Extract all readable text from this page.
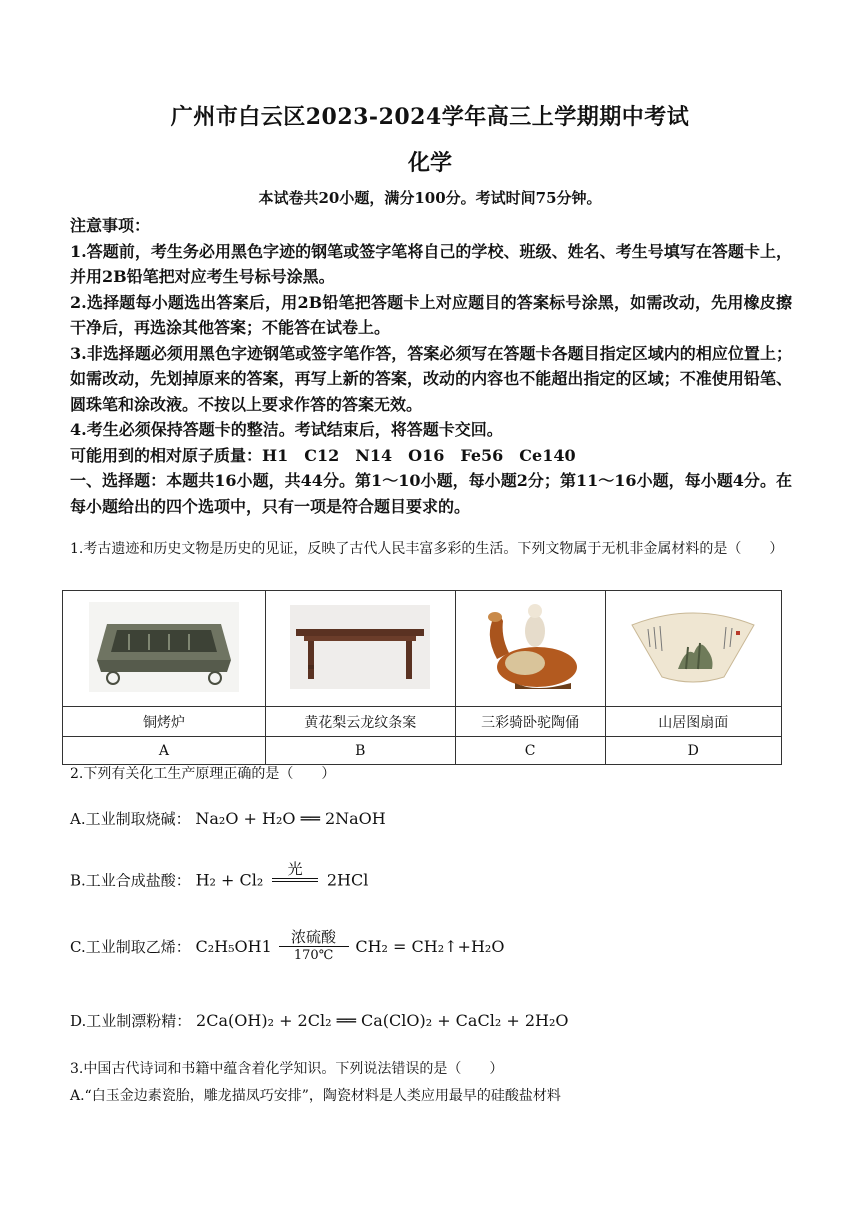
广州市白云区2023-2024学年高三上学期期中考试
化学
本试卷共20小题，满分100分。考试时间75分钟。

注意事项：

1.答题前，考生务必用黑色字迹的钢笔或签字笔将自己的学校、班级、姓名、考生号填写在答题卡上，并用2B铅笔把对应考生号标号涂黑。

2.选择题每小题选出答案后，用2B铅笔把答题卡上对应题目的答案标号涂黑，如需改动，先用橡皮擦干净后，再选涂其他答案；不能答在试卷上。

3.非选择题必须用黑色字迹钢笔或签字笔作答，答案必须写在答题卡各题目指定区域内的相应位置上；如需改动，先划掉原来的答案，再写上新的答案，改动的内容也不能超出指定的区域；不准使用铅笔、圆珠笔和涂改液。不按以上要求作答的答案无效。

4.考生必须保持答题卡的整洁。考试结束后，将答题卡交回。

可能用到的相对原子质量：H1　C12　N14　O16　Fe56　Ce140

一、选择题：本题共16小题，共44分。第1～10小题，每小题2分；第11～16小题，每小题4分。在每小题给出的四个选项中，只有一项是符合题目要求的。

1.考古遗迹和历史文物是历史的见证，反映了古代人民丰富多彩的生活。下列文物属于无机非金属材料的是（　　）

铜烤炉	黄花梨云龙纹条案	三彩骑卧驼陶俑	山居图扇面
A	B	C	D
2.下列有关化工生产原理正确的是（　　）
A.工业制取烧碱： Na₂O + H₂O ══ 2NaOH
B.工业合成盐酸： H₂ + Cl₂
光

2HCl
C.工业制取乙烯： C₂H₅OH1	浓硫酸
170℃	CH₂ = CH₂↑+H₂O
D.工业制漂粉精： 2Ca(OH)₂ + 2Cl₂ ══ Ca(ClO)₂ + CaCl₂ + 2H₂O
3.中国古代诗词和书籍中蕴含着化学知识。下列说法错误的是（　　）
A.“白玉金边素瓷胎，雕龙描凤巧安排”，陶瓷材料是人类应用最早的硅酸盐材料
